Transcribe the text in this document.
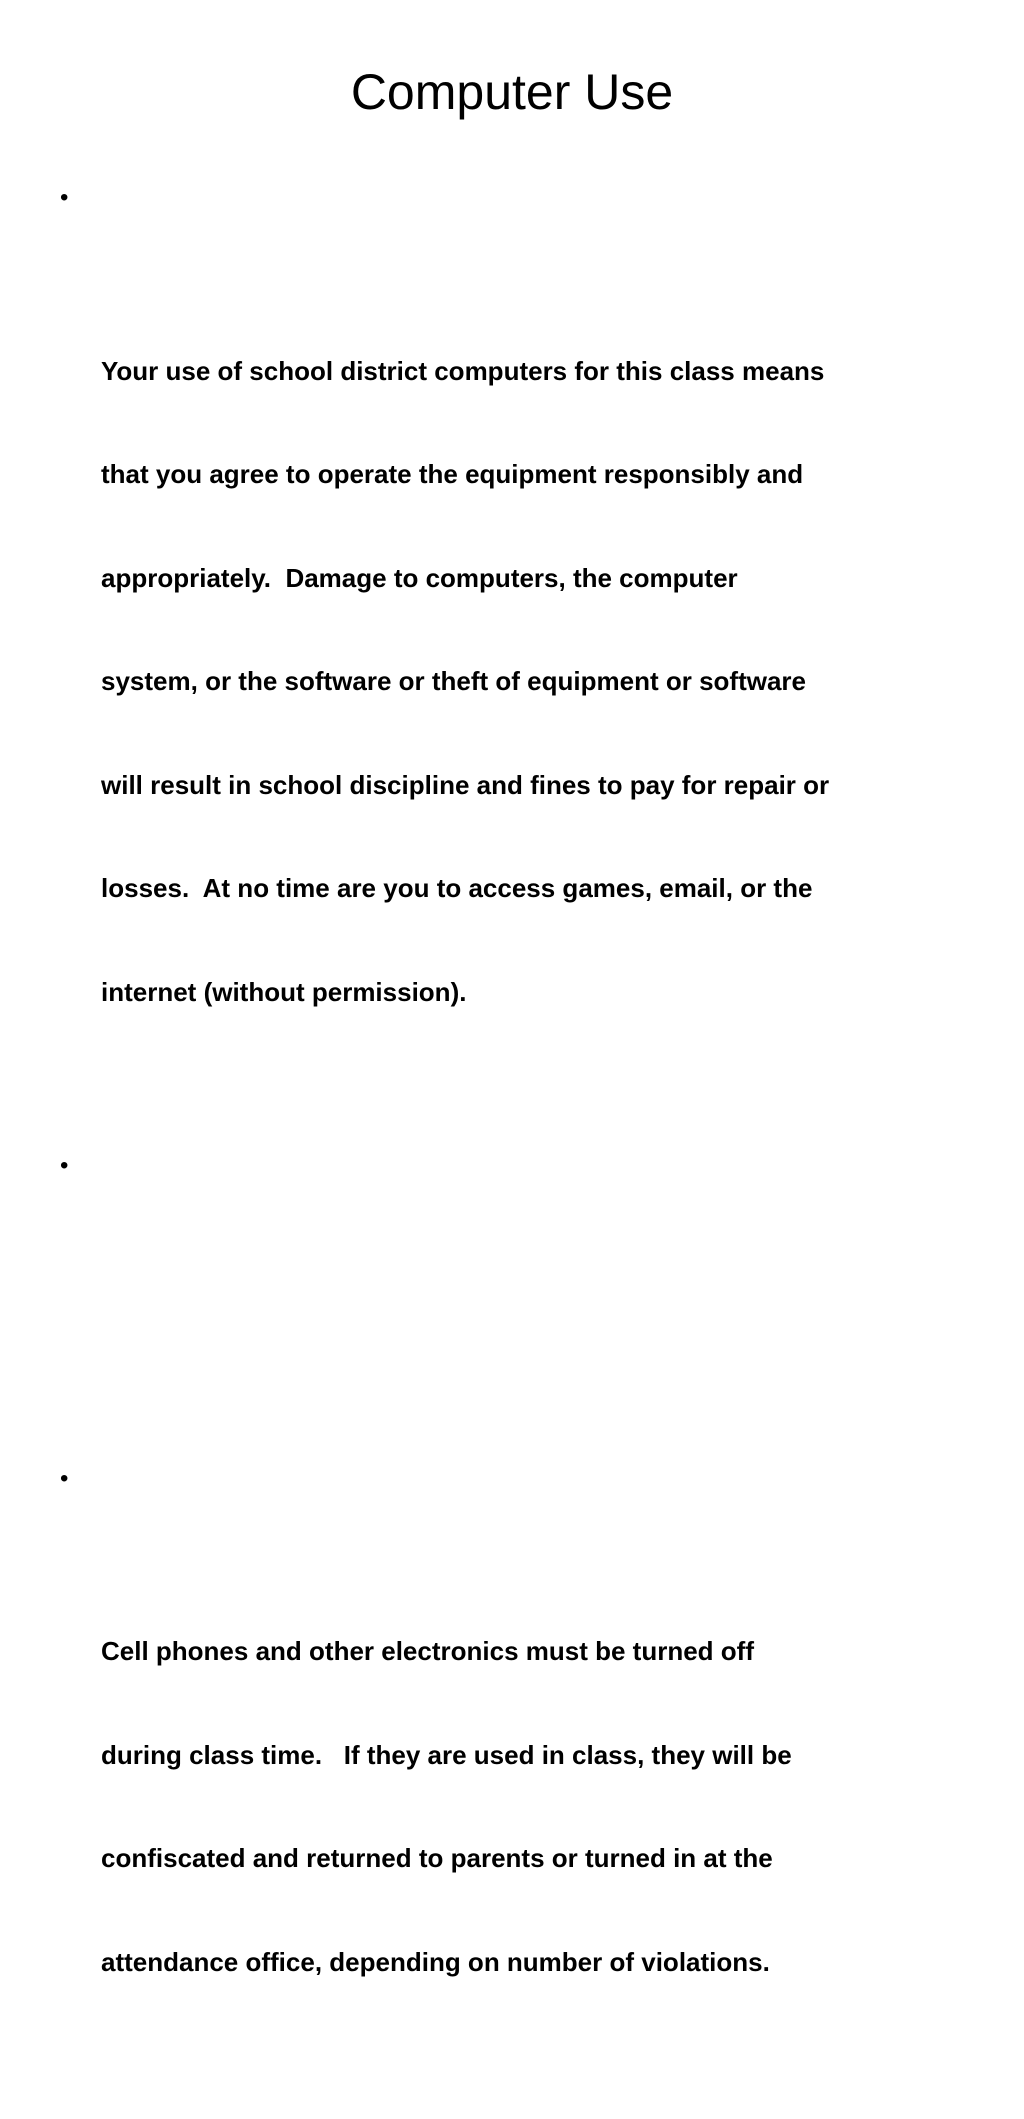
Computer Use

•

Your use of school district computers for this class means

that you agree to operate the equipment responsibly and

appropriately.  Damage to computers, the computer

system, or the software or theft of equipment or software

will result in school discipline and fines to pay for repair or

losses.  At no time are you to access games, email, or the

internet (without permission).

•

•

Cell phones and other electronics must be turned off

during class time.   If they are used in class, they will be

confiscated and returned to parents or turned in at the

attendance office, depending on number of violations.
